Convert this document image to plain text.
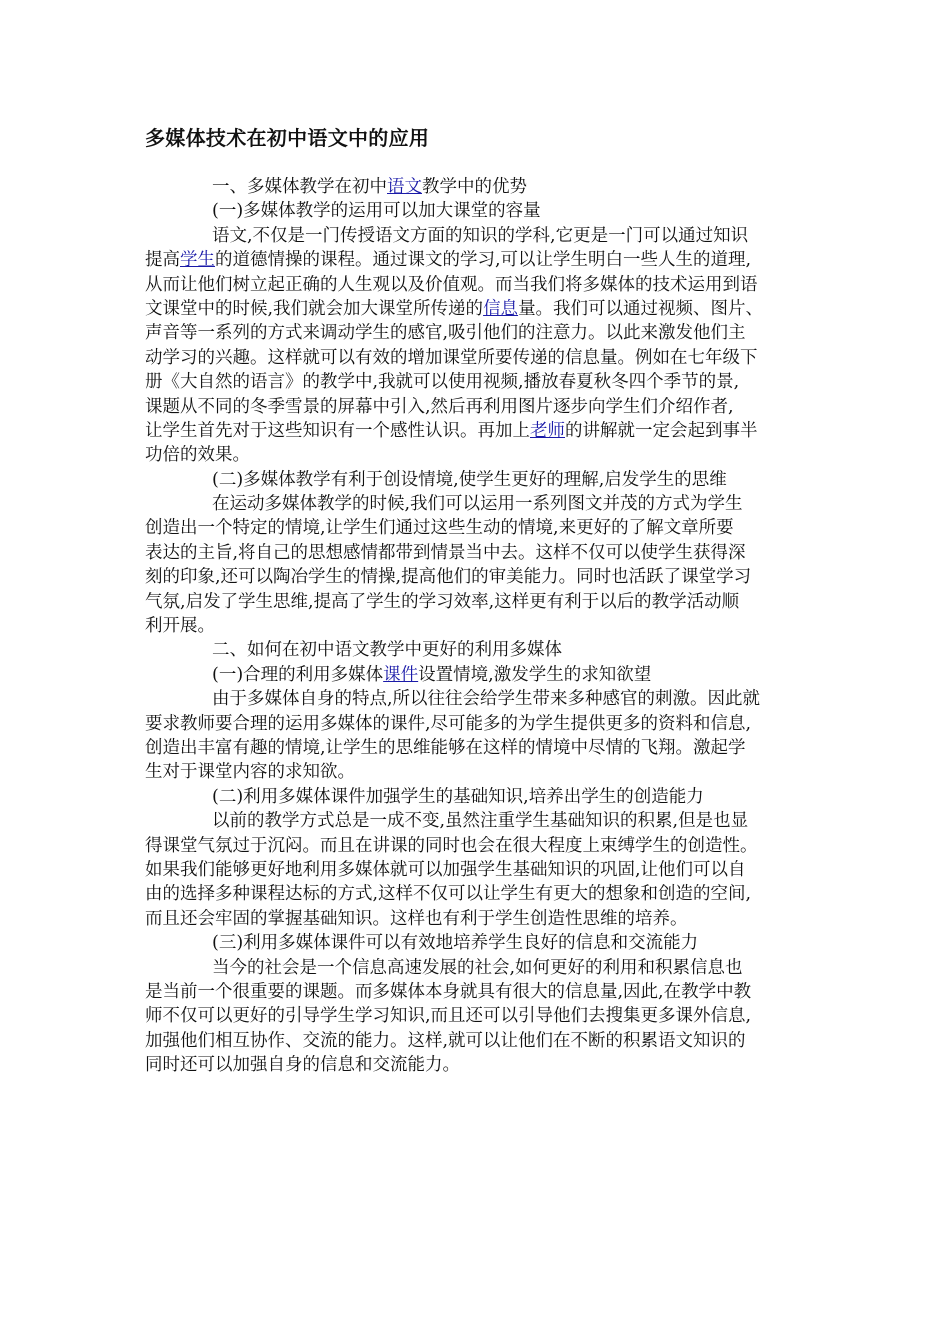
多媒体技术在初中语文中的应用
一、多媒体教学在初中语文教学中的优势
(一)多媒体教学的运用可以加大课堂的容量
语文,不仅是一门传授语文方面的知识的学科,它更是一门可以通过知识
提高学生的道德情操的课程。通过课文的学习,可以让学生明白一些人生的道理,
从而让他们树立起正确的人生观以及价值观。而当我们将多媒体的技术运用到语
文课堂中的时候,我们就会加大课堂所传递的信息量。我们可以通过视频、图片、
声音等一系列的方式来调动学生的感官,吸引他们的注意力。以此来激发他们主
动学习的兴趣。这样就可以有效的增加课堂所要传递的信息量。例如在七年级下
册《大自然的语言》的教学中,我就可以使用视频,播放春夏秋冬四个季节的景,
课题从不同的冬季雪景的屏幕中引入,然后再利用图片逐步向学生们介绍作者,
让学生首先对于这些知识有一个感性认识。再加上老师的讲解就一定会起到事半
功倍的效果。
(二)多媒体教学有利于创设情境,使学生更好的理解,启发学生的思维
在运动多媒体教学的时候,我们可以运用一系列图文并茂的方式为学生
创造出一个特定的情境,让学生们通过这些生动的情境,来更好的了解文章所要
表达的主旨,将自己的思想感情都带到情景当中去。这样不仅可以使学生获得深
刻的印象,还可以陶冶学生的情操,提高他们的审美能力。同时也活跃了课堂学习
气氛,启发了学生思维,提高了学生的学习效率,这样更有利于以后的教学活动顺
利开展。
二、如何在初中语文教学中更好的利用多媒体
(一)合理的利用多媒体课件设置情境,激发学生的求知欲望
由于多媒体自身的特点,所以往往会给学生带来多种感官的刺激。因此就
要求教师要合理的运用多媒体的课件,尽可能多的为学生提供更多的资料和信息,
创造出丰富有趣的情境,让学生的思维能够在这样的情境中尽情的飞翔。激起学
生对于课堂内容的求知欲。
(二)利用多媒体课件加强学生的基础知识,培养出学生的创造能力
以前的教学方式总是一成不变,虽然注重学生基础知识的积累,但是也显
得课堂气氛过于沉闷。而且在讲课的同时也会在很大程度上束缚学生的创造性。
如果我们能够更好地利用多媒体就可以加强学生基础知识的巩固,让他们可以自
由的选择多种课程达标的方式,这样不仅可以让学生有更大的想象和创造的空间,
而且还会牢固的掌握基础知识。这样也有利于学生创造性思维的培养。
(三)利用多媒体课件可以有效地培养学生良好的信息和交流能力
当今的社会是一个信息高速发展的社会,如何更好的利用和积累信息也
是当前一个很重要的课题。而多媒体本身就具有很大的信息量,因此,在教学中教
师不仅可以更好的引导学生学习知识,而且还可以引导他们去搜集更多课外信息,
加强他们相互协作、交流的能力。这样,就可以让他们在不断的积累语文知识的
同时还可以加强自身的信息和交流能力。
